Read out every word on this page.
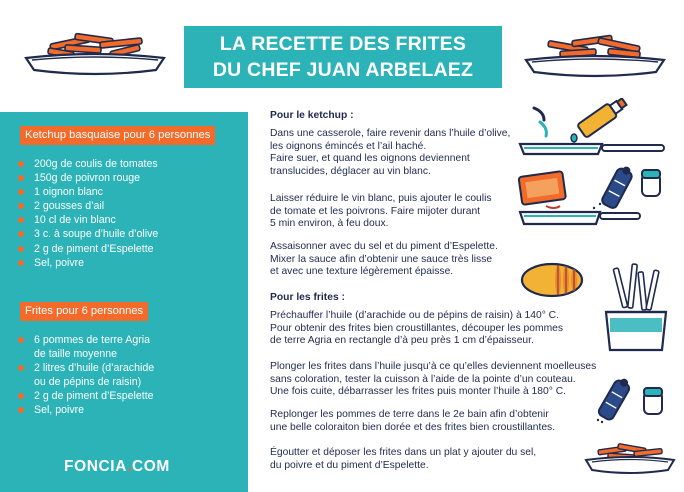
LA RECETTE DES FRITES
DU CHEF JUAN ARBELAEZ
Ketchup basquaise pour 6 personnes
200g de coulis de tomates
150g de poivron rouge
1 oignon blanc
2 gousses d’ail
10 cl de vin blanc
3 c. à soupe d’huile d’olive
2 g de piment d’Espelette
Sel, poivre
Frites pour 6 personnes
6 pommes de terre Agria
de taille moyenne
2 litres d’huile (d’arachide
ou de pépins de raisin)
2 g de piment d’Espelette
Sel, poivre
FONCIA.COM
Pour le ketchup :
Dans une casserole, faire revenir dans l’huile d’olive,
les oignons émincés et l’ail haché.
Faire suer, et quand les oignons deviennent
translucides, déglacer au vin blanc.
Laisser réduire le vin blanc, puis ajouter le coulis
de tomate et les poivrons. Faire mijoter durant
5 min environ, à feu doux.
Assaisonner avec du sel et du piment d’Espelette.
Mixer la sauce afin d’obtenir une sauce très lisse
et avec une texture légèrement épaisse.
Pour les frites :
Préchauffer l’huile (d’arachide ou de pépins de raisin) à 140° C.
Pour obtenir des frites bien croustillantes, découper les pommes
de terre Agria en rectangle d’à peu près 1 cm d’épaisseur.
Plonger les frites dans l’huile jusqu’à ce qu’elles deviennent moelleuses
sans coloration, tester la cuisson à l’aide de la pointe d’un couteau.
Une fois cuite, débarrasser les frites puis monter l’huile à 180° C.
Replonger les pommes de terre dans le 2e bain afin d’obtenir
une belle coloraiton bien dorée et des frites bien croustillantes.
Égoutter et déposer les frites dans un plat y ajouter du sel,
du poivre et du piment d’Espelette.
